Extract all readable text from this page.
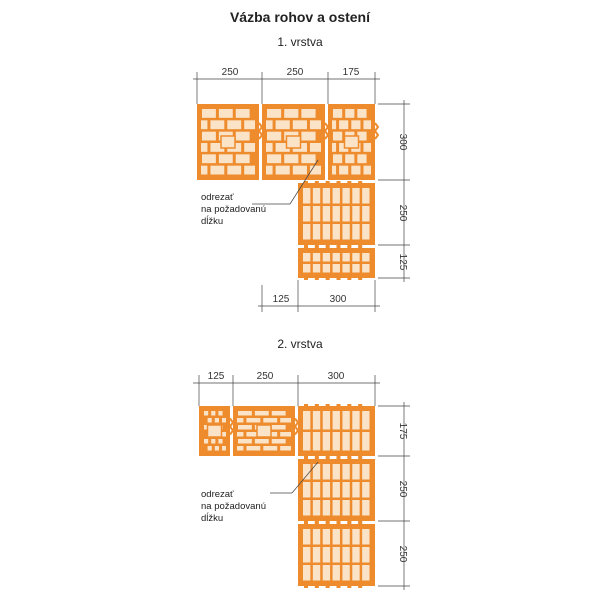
Vázba rohov a ostení
1. vrstva
2. vrstva
250	250	175
300
250
125
125	300
odrezať
na požadovanú
dĺžku
125	250	300
175
250
250
odrezať
na požadovanú
dĺžku
